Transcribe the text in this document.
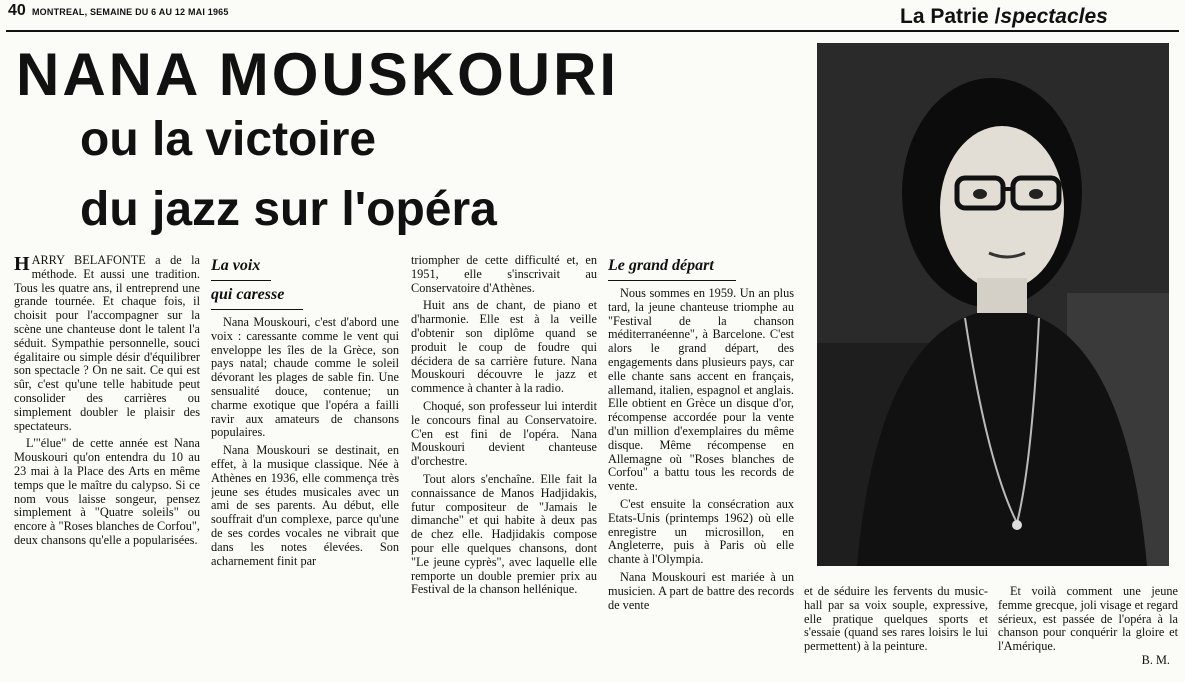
40 MONTREAL, SEMAINE DU 6 AU 12 MAI 1965	La Patrie /spectacles
NANA MOUSKOURI
ou la victoire
du jazz sur l'opéra

HARRY BELAFONTE a de la méthode. Et aussi une tradition. Tous les quatre ans, il entreprend une grande tournée. Et chaque fois, il choisit pour l'accompagner sur la scène une chanteuse dont le talent l'a séduit. Sympathie personnelle, souci égalitaire ou simple désir d'équilibrer son spectacle ? On ne sait. Ce qui est sûr, c'est qu'une telle habitude peut consolider des carrières ou simplement doubler le plaisir des spectateurs.

L'"élue" de cette année est Nana Mouskouri qu'on entendra du 10 au 23 mai à la Place des Arts en même temps que le maître du calypso. Si ce nom vous laisse songeur, pensez simplement à "Quatre soleils" ou encore à "Roses blanches de Corfou", deux chansons qu'elle a popularisées.

La voix
qui caresse

Nana Mouskouri, c'est d'abord une voix : caressante comme le vent qui enveloppe les îles de la Grèce, son pays natal; chaude comme le soleil dévorant les plages de sable fin. Une sensualité douce, contenue; un charme exotique que l'opéra a failli ravir aux amateurs de chansons populaires.

Nana Mouskouri se destinait, en effet, à la musique classique. Née à Athènes en 1936, elle commença très jeune ses études musicales avec un ami de ses parents. Au début, elle souffrait d'un complexe, parce qu'une de ses cordes vocales ne vibrait que dans les notes élevées. Son acharnement finit par

triompher de cette difficulté et, en 1951, elle s'inscrivait au Conservatoire d'Athènes.

Huit ans de chant, de piano et d'harmonie. Elle est à la veille d'obtenir son diplôme quand se produit le coup de foudre qui décidera de sa carrière future. Nana Mouskouri découvre le jazz et commence à chanter à la radio.

Choqué, son professeur lui interdit le concours final au Conservatoire. C'en est fini de l'opéra. Nana Mouskouri devient chanteuse d'orchestre.

Tout alors s'enchaîne. Elle fait la connaissance de Manos Hadjidakis, futur compositeur de "Jamais le dimanche" et qui habite à deux pas de chez elle. Hadjidakis compose pour elle quelques chansons, dont "Le jeune cyprès", avec laquelle elle remporte un double premier prix au Festival de la chanson hellénique.

Le grand départ

Nous sommes en 1959. Un an plus tard, la jeune chanteuse triomphe au "Festival de la chanson méditerranéenne", à Barcelone. C'est alors le grand départ, des engagements dans plusieurs pays, car elle chante sans accent en français, allemand, italien, espagnol et anglais. Elle obtient en Grèce un disque d'or, récompense accordée pour la vente d'un million d'exemplaires du même disque. Même récompense en Allemagne où "Roses blanches de Corfou" a battu tous les records de vente.

C'est ensuite la consécration aux Etats-Unis (printemps 1962) où elle enregistre un microsillon, en Angleterre, puis à Paris où elle chante à l'Olympia.

Nana Mouskouri est mariée à un musicien. A part de battre des records de vente

et de séduire les fervents du music-hall par sa voix souple, expressive, elle pratique quelques sports et s'essaie (quand ses rares loisirs le lui permettent) à la peinture.

Et voilà comment une jeune femme grecque, joli visage et regard sérieux, est passée de l'opéra à la chanson pour conquérir la gloire et l'Amérique.

B. M.
